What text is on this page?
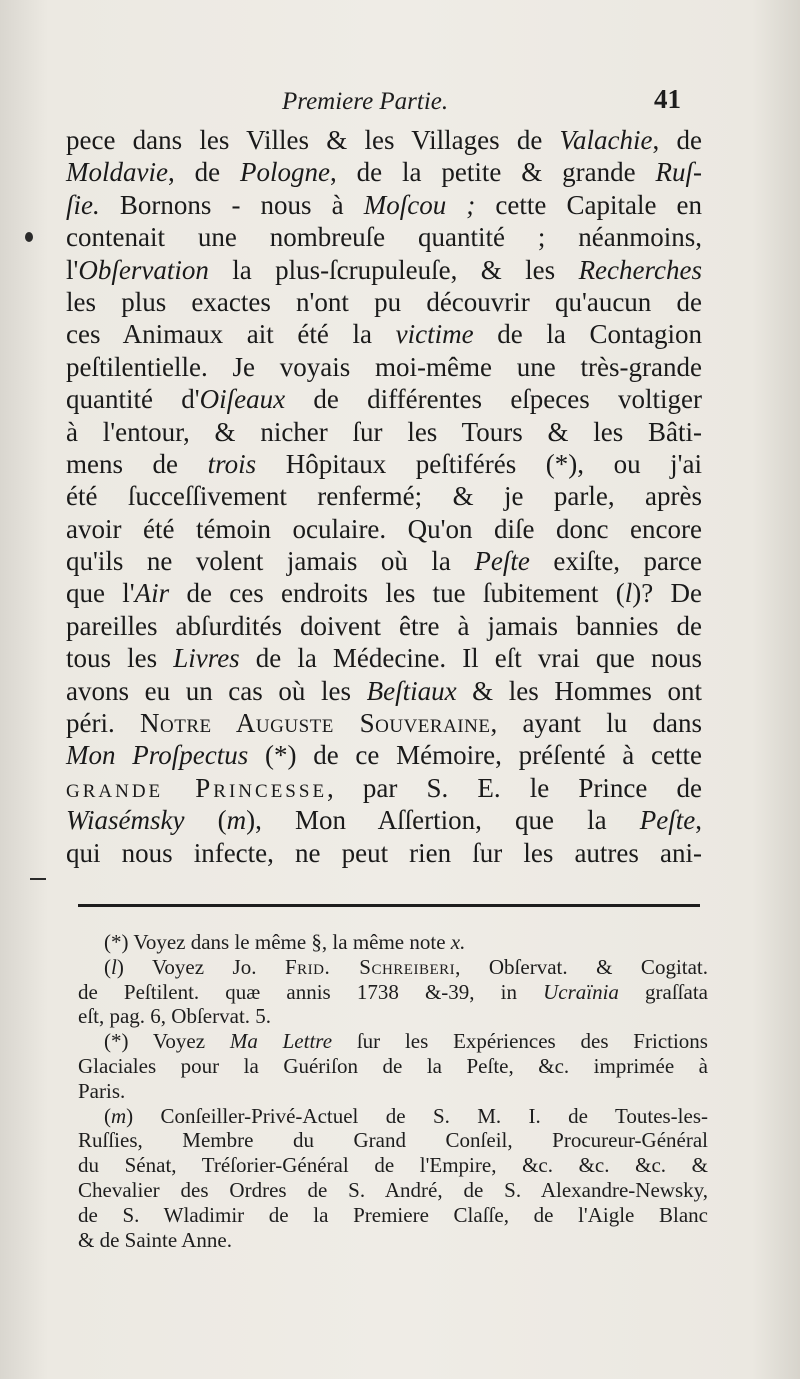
Premiere Partie.	41
pece dans les Villes & les Villages de Valachie, de
Moldavie, de Pologne, de la petite & grande Ruſ-
ſie. Bornons - nous à Moſcou ; cette Capitale en
contenait une nombreuſe quantité ; néanmoins,
l'Obſervation la plus-ſcrupuleuſe, & les Recherches
les plus exactes n'ont pu découvrir qu'aucun de
ces Animaux ait été la victime de la Contagion
peſtilentielle. Je voyais moi-même une très-grande
quantité d'Oiſeaux de différentes eſpeces voltiger
à l'entour, & nicher ſur les Tours & les Bâti-
mens de trois Hôpitaux peſtiférés (*), ou j'ai
été ſucceſſivement renfermé; & je parle, après
avoir été témoin oculaire. Qu'on diſe donc encore
qu'ils ne volent jamais où la Peſte exiſte, parce
que l'Air de ces endroits les tue ſubitement (l)? De
pareilles abſurdités doivent être à jamais bannies de
tous les Livres de la Médecine. Il eſt vrai que nous
avons eu un cas où les Beſtiaux & les Hommes ont
péri. Notre Auguste Souveraine, ayant lu dans
Mon Proſpectus (*) de ce Mémoire, préſenté à cette
grande Princesse, par S. E. le Prince de
Wiasémsky (m), Mon Aſſertion, que la Peſte,
qui nous infecte, ne peut rien ſur les autres ani-
(*) Voyez dans le même §, la même note x.
(l) Voyez Jo. Frid. Schreiberi, Obſervat. & Cogitat.
de Peſtilent. quæ annis 1738 &-39, in Ucraïnia graſſata
eſt, pag. 6, Obſervat. 5.
(*) Voyez Ma Lettre ſur les Expériences des Frictions
Glaciales pour la Guériſon de la Peſte, &c. imprimée à
Paris.
(m) Conſeiller-Privé-Actuel de S. M. I. de Toutes-les-
Ruſſies, Membre du Grand Conſeil, Procureur-Général
du Sénat, Tréſorier-Général de l'Empire, &c. &c. &c. &
Chevalier des Ordres de S. André, de S. Alexandre-Newsky,
de S. Wladimir de la Premiere Claſſe, de l'Aigle Blanc
& de Sainte Anne.
